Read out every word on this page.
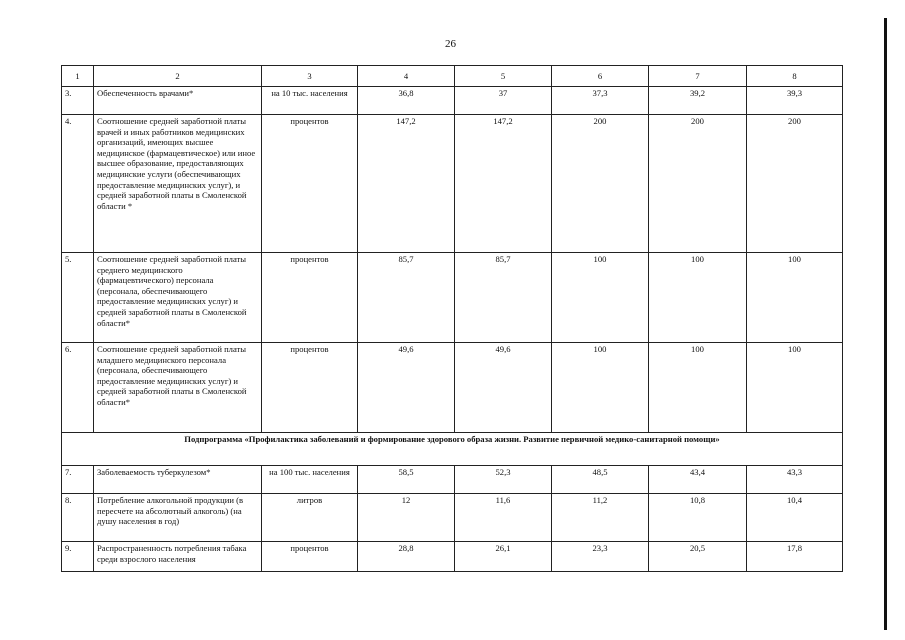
26
1	2	3	4	5	6	7	8
3.	Обеспеченность врачами*	на 10 тыс. населения	36,8	37	37,3	39,2	39,3
4.	Соотношение средней заработной платы врачей и иных работников медицинских организаций, имеющих высшее медицинское (фармацевтическое) или иное высшее образование, предоставляющих медицинские услуги (обеспечивающих предоставление медицинских услуг), и средней заработной платы в Смоленской области *	процентов	147,2	147,2	200	200	200
5.	Соотношение средней заработной платы среднего медицинского (фармацевтического) персонала (персонала, обеспечивающего предоставление медицинских услуг) и средней заработной платы в Смоленской области*	процентов	85,7	85,7	100	100	100
6.	Соотношение средней заработной платы младшего медицинского персонала (персонала, обеспечивающего предоставление медицинских услуг) и средней заработной платы в Смоленской области*	процентов	49,6	49,6	100	100	100
Подпрограмма «Профилактика заболеваний и формирование здорового образа жизни. Развитие первичной медико-санитарной помощи»							
7.	Заболеваемость туберкулезом*	на 100 тыс. населения	58,5	52,3	48,5	43,4	43,3
8.	Потребление алкогольной продукции (в пересчете на абсолютный алкоголь) (на душу населения в год)	литров	12	11,6	11,2	10,8	10,4
9.	Распространенность потребления табака среди взрослого населения	процентов	28,8	26,1	23,3	20,5	17,8
